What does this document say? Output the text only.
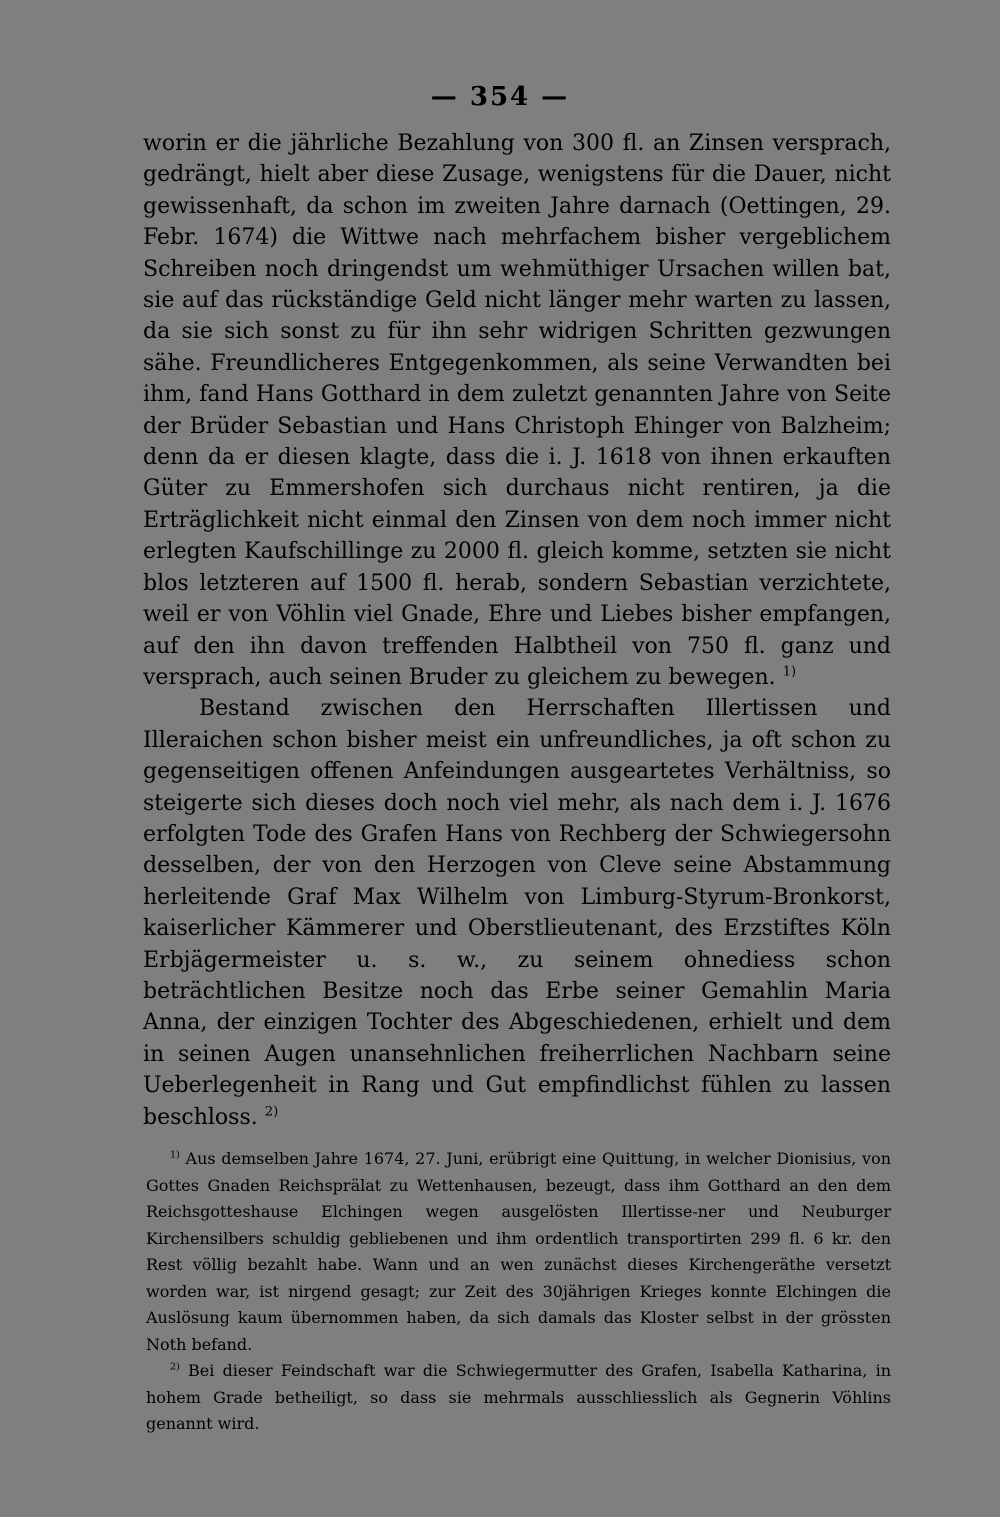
— 354 —

worin er die jährliche Bezahlung von 300 fl. an Zinsen versprach, gedrängt, hielt aber diese Zusage, wenigstens für die Dauer, nicht gewissenhaft, da schon im zweiten Jahre darnach (Oettingen, 29. Febr. 1674) die Wittwe nach mehrfachem bisher vergeblichem Schreiben noch dringendst um wehmüthiger Ursachen willen bat, sie auf das rückständige Geld nicht länger mehr warten zu lassen, da sie sich sonst zu für ihn sehr widrigen Schritten gezwungen sähe. Freundlicheres Entgegenkommen, als seine Verwandten bei ihm, fand Hans Gotthard in dem zuletzt genannten Jahre von Seite der Brüder Sebastian und Hans Christoph Ehinger von Balzheim; denn da er diesen klagte, dass die i. J. 1618 von ihnen erkauften Güter zu Emmershofen sich durchaus nicht rentiren, ja die Erträglichkeit nicht einmal den Zinsen von dem noch immer nicht erlegten Kaufschillinge zu 2000 fl. gleich komme, setzten sie nicht blos letzteren auf 1500 fl. herab, sondern Sebastian verzichtete, weil er von Vöhlin viel Gnade, Ehre und Liebes bisher empfangen, auf den ihn davon treffenden Halbtheil von 750 fl. ganz und versprach, auch seinen Bruder zu gleichem zu bewegen. $^{1)}$

Bestand zwischen den Herrschaften Illertissen und Illeraichen schon bisher meist ein unfreundliches, ja oft schon zu gegenseitigen offenen Anfeindungen ausgeartetes Verhältniss, so steigerte sich dieses doch noch viel mehr, als nach dem i. J. 1676 erfolgten Tode des Grafen Hans von Rechberg der Schwiegersohn desselben, der von den Herzogen von Cleve seine Abstammung herleitende Graf Max Wilhelm von Limburg-Styrum-Bronkorst, kaiserlicher Kämmerer und Oberstlieutenant, des Erzstiftes Köln Erbjägermeister u. s. w., zu seinem ohnediess schon beträchtlichen Besitze noch das Erbe seiner Gemahlin Maria Anna, der einzigen Tochter des Abgeschiedenen, erhielt und dem in seinen Augen unansehnlichen freiherrlichen Nachbarn seine Ueberlegenheit in Rang und Gut empfindlichst fühlen zu lassen beschloss. $^{2)}$

$^{1)}$ Aus demselben Jahre 1674, 27. Juni, erübrigt eine Quittung, in welcher Dionisius, von Gottes Gnaden Reichsprälat zu Wettenhausen, bezeugt, dass ihm Gotthard an den dem Reichsgotteshause Elchingen wegen ausgelösten Illertisse-ner und Neuburger Kirchensilbers schuldig gebliebenen und ihm ordentlich transportirten 299 fl. 6 kr. den Rest völlig bezahlt habe. Wann und an wen zunächst dieses Kirchengeräthe versetzt worden war, ist nirgend gesagt; zur Zeit des 30jährigen Krieges konnte Elchingen die Auslösung kaum übernommen haben, da sich damals das Kloster selbst in der grössten Noth befand.

$^{2)}$ Bei dieser Feindschaft war die Schwiegermutter des Grafen, Isabella Katharina, in hohem Grade betheiligt, so dass sie mehrmals ausschliesslich als Gegnerin Vöhlins genannt wird.
